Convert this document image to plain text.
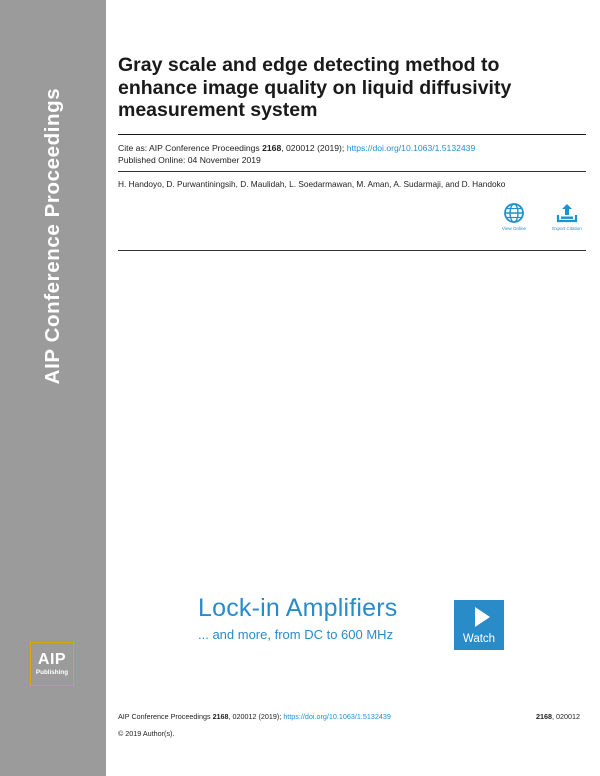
AIP Conference Proceedings
AIP
Publishing
Gray scale and edge detecting method to enhance image quality on liquid diffusivity measurement system
Cite as: AIP Conference Proceedings 2168, 020012 (2019); https://doi.org/10.1063/1.5132439
Published Online: 04 November 2019
H. Handoyo, D. Purwantiningsih, D. Maulidah, L. Soedarmawan, M. Aman, A. Sudarmaji, and D. Handoko
View Online	Export Citation
Lock-in Amplifiers
... and more, from DC to 600 MHz	Watch
AIP Conference Proceedings 2168, 020012 (2019); https://doi.org/10.1063/1.5132439	2168, 020012
© 2019 Author(s).
